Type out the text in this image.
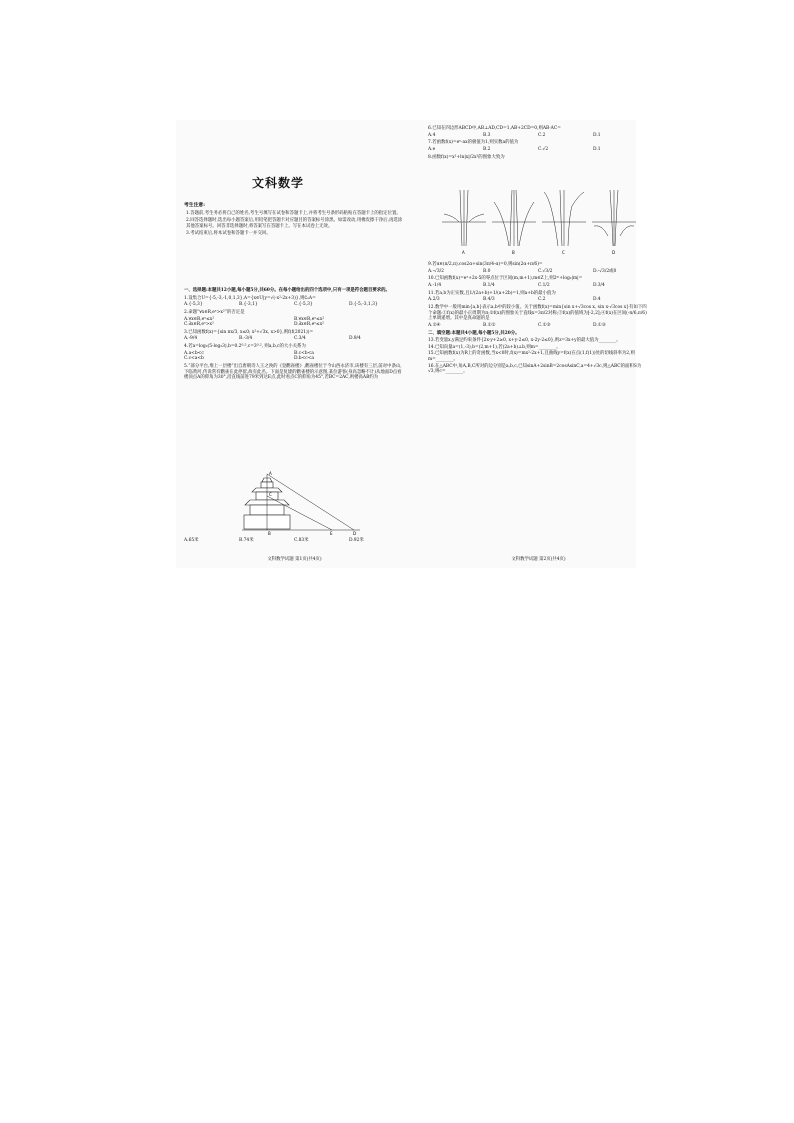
文科数学
考生注意:
1.答题前,考生务必将自己的姓名,考生号填写在试卷和答题卡上,并将考生号条形码粘贴在答题卡上的指定位置。
2.回答选择题时,选出每小题答案后,用铅笔把答题卡对应题目的答案标号涂黑。如需改动,用橡皮擦干净后,再选涂其他答案标号。回答非选择题时,将答案写在答题卡上。写在本试卷上无效。
3.考试结束后,将本试卷和答题卡一并交回。
一、选择题:本题共12小题,每小题5分,共60分。在每小题给出的四个选项中,只有一项是符合题目要求的。
1.设集合U={-5,-3,-1,0,1,3},A={x∈U|y=√(-x²-2x+3)},则∁ᵤA=
A.{-5,3}	B.{-3,1}	C.{-5,3}	D.{-5,-3,1,3}
2.命题“∀x∈R,eˣ>x²”的否定是
A.∀x∈R,eˣ≤x²	B.∀x∈R,eˣ≤x²
C.∃x∈R,eˣ>x²	D.∃x∈R,eˣ≤x²
3.已知函数f(x)={sin πx/3, x≤0; x²+√3x, x>0},则f(f(2021))=
A.-9/4	B.-3/4	C.3/4	D.9/4
4.若a=log₂(5-log₂3),b=0.2⁰·⁵,c=3⁰·², 则a,b,c的大小关系为
A.a<b<c	B.c<b<a
C.c<a<b	D.b<c<a
5.“部分平台,堆上一层楼”出自唐朝诗人王之涣的《登鹳雀楼》,鹳雀楼位于今山西永济市,该楼有三层,前对中条山,下临黄河,传说常有鹳雀在此停留,故有此名。下面是复建的鹳雀楼的示意图,某位游客(身高忽略不计)从地面D点看楼顶点A的仰角为30°,沿直线前进79米到达E点,此时看点C的仰角为45°,若BC=2AC,则楼高AB约为
A
C
B	E	D
A.65米	B.74米	C.83米	D.92米
文科数学试题 第1页(共4页)
6.已知在四边形ABCD中,AB⊥AD,CD=1,AB+2CD=0,则AB·AC=
A.4	B.3	C.2	D.1
7.若函数f(x)=eˣ-ax的极值为1,则实数a的值为
A.e	B.2	C.√2	D.1
8.函数f(x)=x²+ln|x|/2x²的图象大致为
A	B	C	D
9.若α∈(π/2,π),cos2α+sin(3π/4-α)=0,则sin(2α+π/6)=
A.-√3/2	B.0	C.√3/2	D.-√3/2或0
10.已知函数f(x)=eˣ+2x-5的零点位于区间(m,m+1),m∈Z上,则2ᵐ+log₂|m|=
A.-1/4	B.1/4	C.1/2	D.3/4
11.若a,b为正实数,且1/(2a+b)+1/(a+2b)=1,则a+b的最小值为
A.2/3	B.4/3	C.2	D.4
12.数学中一般用min{a,b}表示a,b中的较小值。关于函数f(x)=min{sin x+√3cos x, sin x-√3cos x}有如下四个命题:①f(x)的最小正周期为π;②f(x)的图象关于直线x=3π/2对称;③f(x)的值域为[-2,2];④f(x)在区间(-π/6,π/6)上单调递增。其中是真命题的是
A.②④	B.①②	C.①③	D.①③
二、填空题:本题共4小题,每小题5分,共20分。
13.若变量x,y满足约束条件{2x-y+2≥0, x+y-2≤0, x-2y-2≤0},则z=3x+y的最大值为________。
14.已知向量a=(1,-3),b=(2,m+1),若(2a+b)⊥b,则m=________。
15.已知函数f(x)为R上的奇函数,当x<0时,f(x)=mx²-2x+1,且曲线y=f(x)在点(1,f(1))处的切线斜率为2,则m=________。
16.在△ABC中,角A,B,C所对的边分别是a,b,c,已知sinA+2sinB=2cosAsinC,a=4+√3c,则△ABC的面积S为√3,则c=________。
文科数学试题 第2页(共4页)
